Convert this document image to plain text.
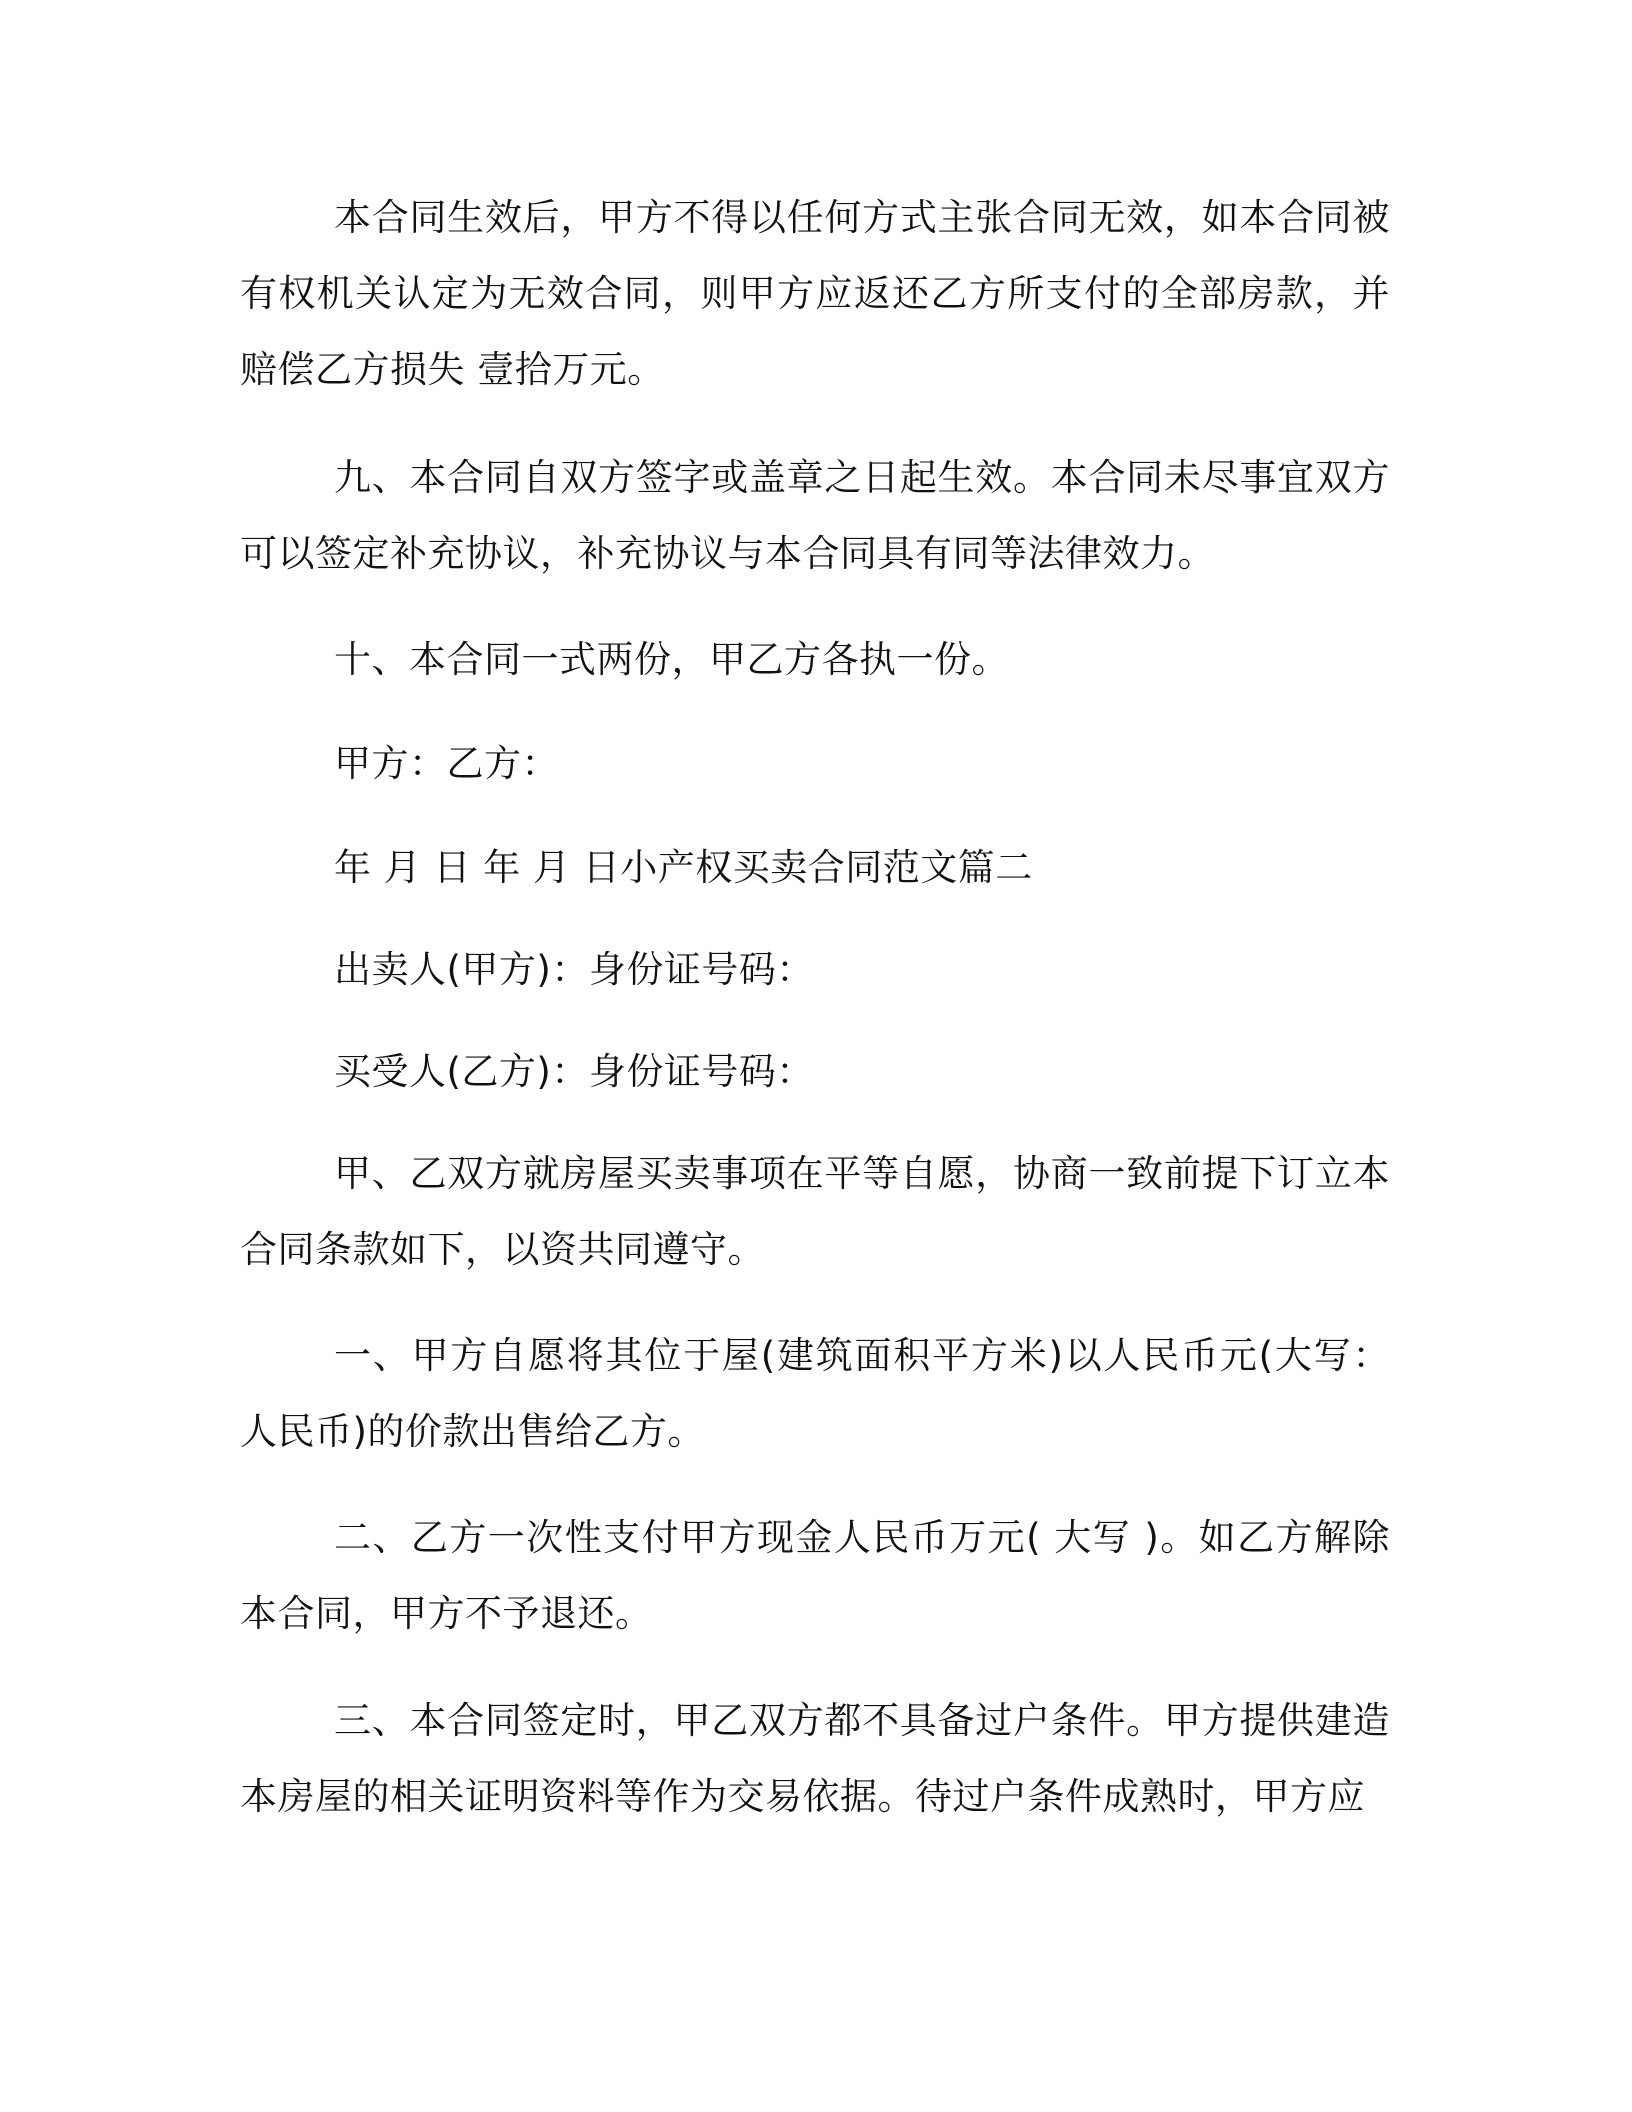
本合同生效后，甲方不得以任何方式主张合同无效，如本合同被有权机关认定为无效合同，则甲方应返还乙方所支付的全部房款，并赔偿乙方损失 壹拾万元。

九、本合同自双方签字或盖章之日起生效。本合同未尽事宜双方可以签定补充协议，补充协议与本合同具有同等法律效力。

十、本合同一式两份，甲乙方各执一份。

甲方：乙方：

年 月 日 年 月 日小产权买卖合同范文篇二

出卖人(甲方)：身份证号码：

买受人(乙方)：身份证号码：

甲、乙双方就房屋买卖事项在平等自愿，协商一致前提下订立本合同条款如下，以资共同遵守。

一、甲方自愿将其位于屋(建筑面积平方米)以人民币元(大写：人民币)的价款出售给乙方。

二、乙方一次性支付甲方现金人民币万元( 大写 )。如乙方解除本合同，甲方不予退还。

三、本合同签定时，甲乙双方都不具备过户条件。甲方提供建造本房屋的相关证明资料等作为交易依据。待过户条件成熟时，甲方应
